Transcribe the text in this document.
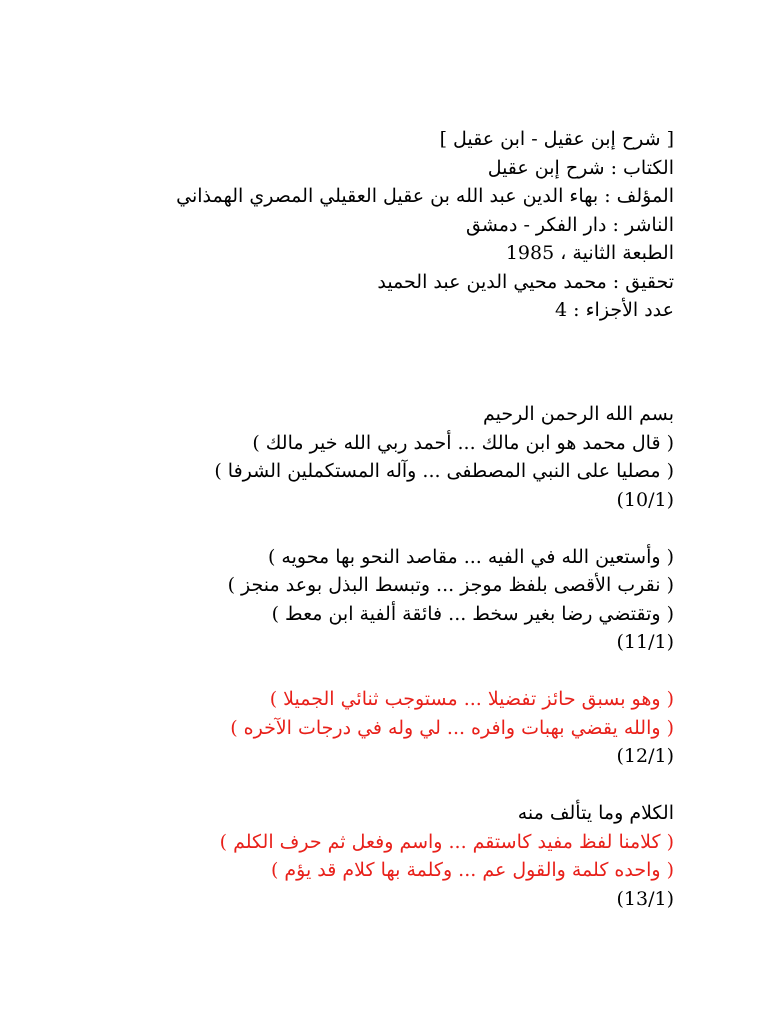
[ شرح إبن عقيل - ابن عقيل ]
الكتاب : شرح إبن عقيل
المؤلف : بهاء الدين عبد الله بن عقيل العقيلي المصري الهمذاني
الناشر : دار الفكر - دمشق
الطبعة الثانية ، 1985
تحقيق : محمد محيي الدين عبد الحميد
عدد الأجزاء : 4
بسم الله الرحمن الرحيم
( قال محمد هو ابن مالك ... أحمد ربي الله خير مالك )
( مصليا على النبي المصطفى ... وآله المستكملين الشرفا )
(10/1)
( وأستعين الله في الفيه ... مقاصد النحو بها محويه )
( نقرب الأقصى بلفظ موجز ... وتبسط البذل بوعد منجز )
( وتقتضي رضا بغير سخط ... فائقة ألفية ابن معط )
(11/1)
( وهو بسبق حائز تفضيلا ... مستوجب ثنائي الجميلا )
( والله يقضي بهبات وافره ... لي وله في درجات الآخره )
(12/1)
الكلام وما يتألف منه
( كلامنا لفظ مفيد كاستقم ... واسم وفعل ثم حرف الكلم )
( واحده كلمة والقول عم ... وكلمة بها كلام قد يؤم )
(13/1)
